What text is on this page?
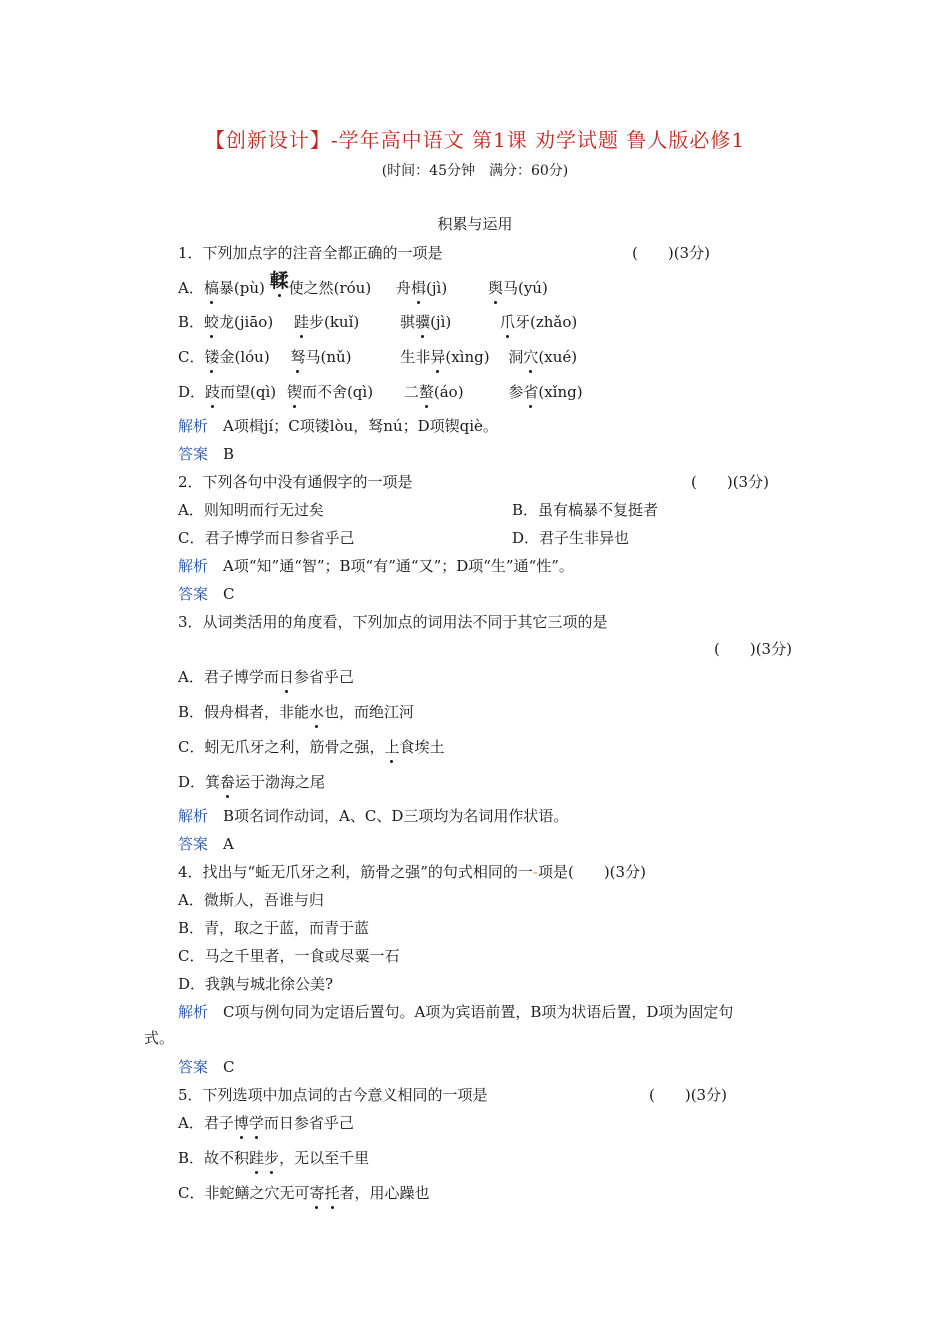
【创新设计】-学年高中语文 第1课 劝学试题 鲁人版必修1
(时间：45分钟　满分：60分)
积累与运用
1．下列加点字的注音全都正确的一项是	(　　)(3分)
A．槁暴(pù) 輮使之然(róu) 舟楫(jì)	舆马(yú)
B．蛟龙(jiāo) 跬步(kuǐ)	骐骥(jì)	爪牙(zhǎo)
C．镂金(lóu) 驽马(nǔ)	生非异(xìng) 洞穴(xué)
D．跂而望(qì) 锲而不舍(qì) 二螯(áo)	参省(xǐng)
解析　 A项楫jí；C项镂lòu，驽nú；D项锲qiè。
答案　 B
2．下列各句中没有通假字的一项是	(　　)(3分)
A．则知明而行无过矣	B．虽有槁暴不复挺者
C．君子博学而日参省乎己	D．君子生非异也
解析　 A项“知”通“智”；B项“有”通“又”；D项“生”通“性”。
答案　 C
3．从词类活用的角度看，下列加点的词用法不同于其它三项的是
(　　)(3分)
A．君子博学而日参省乎己
B．假舟楫者，非能水也，而绝江河
C．蚓无爪牙之利，筋骨之强，上食埃土
D．箕畚运于渤海之尾
解析　 B项名词作动词，A、C、D三项均为名词用作状语。
答案　 A
4．找出与“蚯无爪牙之利，筋骨之强”的句式相同的一-项是(　　)(3分)
A．微斯人，吾谁与归
B．青，取之于蓝，而青于蓝
C．马之千里者，一食或尽粟一石
D．我孰与城北徐公美?
解析　 C项与例句同为定语后置句。A项为宾语前置，B项为状语后置，D项为固定句
式。
答案　 C
5．下列选项中加点词的古今意义相同的一项是	(　　)(3分)
A．君子博学而日参省乎己
B．故不积跬步，无以至千里
C．非蛇鳝之穴无可寄托者，用心躁也
